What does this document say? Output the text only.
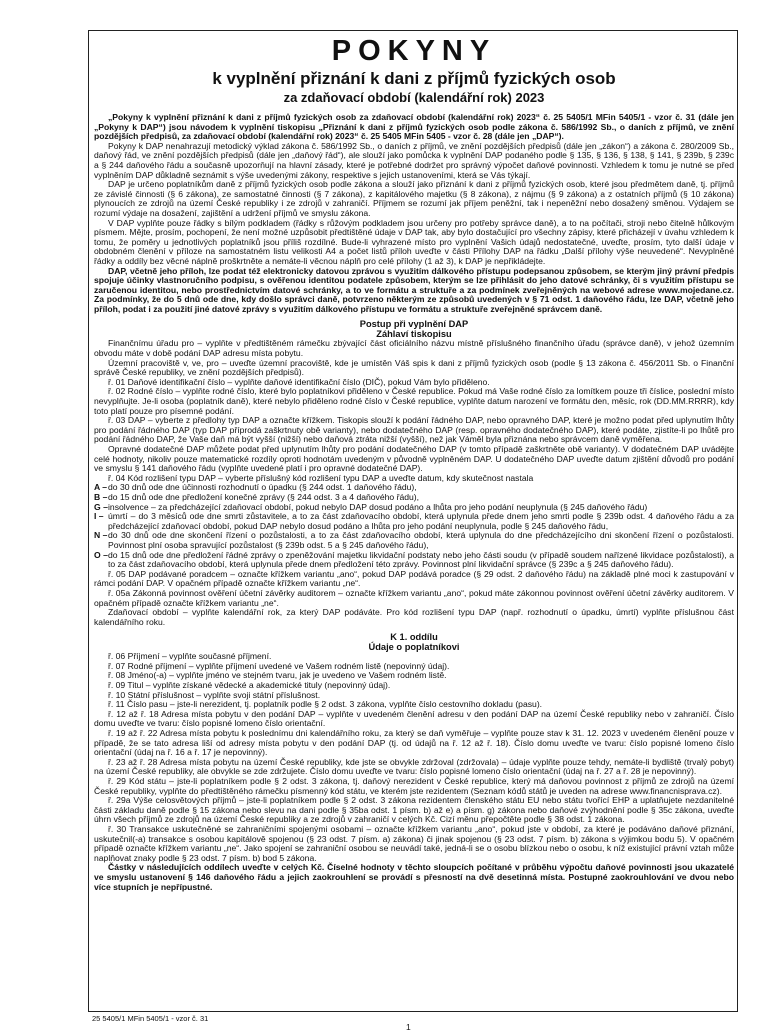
POKYNY
k vyplnění přiznání k dani z příjmů fyzických osob
za zdaňovací období (kalendářní rok) 2023

„Pokyny k vyplnění přiznání k dani z příjmů fyzických osob za zdaňovací období (kalendářní rok) 2023“ č. 25 5405/1 MFin 5405/1 - vzor č. 31 (dále jen „Pokyny k DAP“) jsou návodem k vyplnění tiskopisu „Přiznání k dani z příjmů fyzických osob podle zákona č. 586/1992 Sb., o daních z příjmů, ve znění pozdějších předpisů, za zdaňovací období (kalendářní rok) 2023“ č. 25 5405 MFin 5405 - vzor č. 28 (dále jen „DAP“).

Pokyny k DAP nenahrazují metodický výklad zákona č. 586/1992 Sb., o daních z příjmů, ve znění pozdějších předpisů (dále jen „zákon“) a zákona č. 280/2009 Sb., daňový řád, ve znění pozdějších předpisů (dále jen „daňový řád“), ale slouží jako pomůcka k vyplnění DAP podaného podle § 135, § 136, § 138, § 141, § 239b, § 239c a § 244 daňového řádu a současně upozorňují na hlavní zásady, které je potřebné dodržet pro správný výpočet daňové povinnosti. Vzhledem k tomu je nutné se před vyplněním DAP důkladně seznámit s výše uvedenými zákony, respektive s jejich ustanoveními, která se Vás týkají.

DAP je určeno poplatníkům daně z příjmů fyzických osob podle zákona a slouží jako přiznání k dani z příjmů fyzických osob, které jsou předmětem daně, tj. příjmů ze závislé činnosti (§ 6 zákona), ze samostatné činnosti (§ 7 zákona), z kapitálového majetku (§ 8 zákona), z nájmu (§ 9 zákona) a z ostatních příjmů (§ 10 zákona) plynoucích ze zdrojů na území České republiky i ze zdrojů v zahraničí. Příjmem se rozumí jak příjem peněžní, tak i nepeněžní nebo dosažený směnou. Výdajem se rozumí výdaje na dosažení, zajištění a udržení příjmů ve smyslu zákona.

V DAP vyplňte pouze řádky s bílým podkladem (řádky s růžovým podkladem jsou určeny pro potřeby správce daně), a to na počítači, stroji nebo čitelně hůlkovým písmem. Mějte, prosím, pochopení, že není možné uzpůsobit předtištěné údaje v DAP tak, aby bylo dostačující pro všechny zápisy, které přicházejí v úvahu vzhledem k tomu, že poměry u jednotlivých poplatníků jsou příliš rozdílné. Bude-li vyhrazené místo pro vyplnění Vašich údajů nedostatečné, uveďte, prosím, tyto další údaje v obdobném členění v příloze na samostatném listu velikosti A4 a počet listů příloh uveďte v části Přílohy DAP na řádku „Další přílohy výše neuvedené“. Nevyplněné řádky a oddíly bez věcné náplně proškrtněte a nemáte-li věcnou náplň pro celé přílohy (1 až 3), k DAP je nepřikládejte.

DAP, včetně jeho příloh, lze podat též elektronicky datovou zprávou s využitím dálkového přístupu podepsanou způsobem, se kterým jiný právní předpis spojuje účinky vlastnoručního podpisu, s ověřenou identitou podatele způsobem, kterým se lze přihlásit do jeho datové schránky, či s využitím přístupu se zaručenou identitou, nebo prostřednictvím datové schránky, a to ve formátu a struktuře a za podmínek zveřejněných na webové adrese www.mojedane.cz. Za podmínky, že do 5 dnů ode dne, kdy došlo správci daně, potvrzeno některým ze způsobů uvedených v § 71 odst. 1 daňového řádu, lze DAP, včetně jeho příloh, podat i za použití jiné datové zprávy s využitím dálkového přístupu ve formátu a struktuře zveřejněné správcem daně.

Postup při vyplnění DAP
Záhlaví tiskopisu

Finančnímu úřadu pro – vyplňte v předtištěném rámečku zbývající část oficiálního názvu místně příslušného finančního úřadu (správce daně), v jehož územním obvodu máte v době podání DAP adresu místa pobytu.

Územní pracoviště v, ve, pro – uveďte územní pracoviště, kde je umístěn Váš spis k dani z příjmů fyzických osob (podle § 13 zákona č. 456/2011 Sb. o Finanční správě České republiky, ve znění pozdějších předpisů).

ř. 01 Daňové identifikační číslo – vyplňte daňové identifikační číslo (DIČ), pokud Vám bylo přiděleno.

ř. 02 Rodné číslo – vyplňte rodné číslo, které bylo poplatníkovi přiděleno v České republice. Pokud má Vaše rodné číslo za lomítkem pouze tři číslice, poslední místo nevyplňujte. Je-li osoba (poplatník daně), které nebylo přiděleno rodné číslo v České republice, vyplňte datum narození ve formátu den, měsíc, rok (DD.MM.RRRR), kdy toto platí pouze pro písemné podání.

ř. 03 DAP – vyberte z předlohy typ DAP a označte křížkem. Tiskopis slouží k podání řádného DAP, nebo opravného DAP, které je možno podat před uplynutím lhůty pro podání řádného DAP (typ DAP příprodá zaškrtnuty obě varianty), nebo dodatečného DAP (resp. opravného dodatečného DAP), které podáte, zjistíte-li po lhůtě pro podání řádného DAP, že Vaše daň má být vyšší (nižší) nebo daňová ztráta nižší (vyšší), než jak Váměl byla přiznána nebo správcem daně vyměřena.

Opravné dodatečné DAP můžete podat před uplynutím lhůty pro podání dodatečného DAP (v tomto případě zaškrtněte obě varianty). V dodatečném DAP uvádějte celé hodnoty, nikoliv pouze matematické rozdíly oproti hodnotám uvedeným v původně vyplněném DAP. U dodatečného DAP uveďte datum zjištění důvodů pro podání ve smyslu § 141 daňového řádu (vyplňte uvedené platí i pro opravné dodatečné DAP).

ř. 04 Kód rozlišení typu DAP – vyberte příslušný kód rozlišení typu DAP a uveďte datum, kdy skutečnost nastala

A – do 30 dnů ode dne účinnosti rozhodnutí o úpadku (§ 244 odst. 1 daňového řádu),
B – do 15 dnů ode dne předložení konečné zprávy (§ 244 odst. 3 a 4 daňového řádu),
G – insolvence – za předcházející zdaňovací období, pokud nebylo DAP dosud podáno a lhůta pro jeho podání neuplynula (§ 245 daňového řádu)
I – úmrtí – do 3 měsíců ode dne smrti zůstavitele, a to za část zdaňovacího období, která uplynula přede dnem jeho smrti podle § 239b odst. 4 daňového řádu a za předcházející zdaňovací období, pokud DAP nebylo dosud podáno a lhůta pro jeho podání neuplynula, podle § 245 daňového řádu,
N – do 30 dnů ode dne skončení řízení o pozůstalosti, a to za část zdaňovacího období, která uplynula do dne předcházejícího dni skončení řízení o pozůstalosti. Povinnost plní osoba spravující pozůstalost (§ 239b odst. 5 a § 245 daňového řádu),
O – do 15 dnů ode dne předložení řádné zprávy o zpeněžování majetku likvidační podstaty nebo jeho části soudu (v případě soudem nařízené likvidace pozůstalosti), a to za část zdaňovacího období, která uplynula přede dnem předložení této zprávy. Povinnost plní likvidační správce (§ 239c a § 245 daňového řádu).

ř. 05 DAP podávané poradcem – označte křížkem variantu „ano“, pokud DAP podává poradce (§ 29 odst. 2 daňového řádu) na základě plné moci k zastupování v rámci podání DAP. V opačném případě označte křížkem variantu „ne“.

ř. 05a Zákonná povinnost ověření účetní závěrky auditorem – označte křížkem variantu „ano“, pokud máte zákonnou povinnost ověření účetní závěrky auditorem. V opačném případě označte křížkem variantu „ne“.

Zdaňovací období – vyplňte kalendářní rok, za který DAP podáváte. Pro kód rozlišení typu DAP (např. rozhodnutí o úpadku, úmrtí) vyplňte příslušnou část kalendářního roku.

K 1. oddílu
Údaje o poplatníkovi

ř. 06 Příjmení – vyplňte současné příjmení.

ř. 07 Rodné příjmení – vyplňte příjmení uvedené ve Vašem rodném listě (nepovinný údaj).

ř. 08 Jméno(-a) – vyplňte jméno ve stejném tvaru, jak je uvedeno ve Vašem rodném listě.

ř. 09 Titul – vyplňte získané vědecké a akademické tituly (nepovinný údaj).

ř. 10 Státní příslušnost – vyplňte svoji státní příslušnost.

ř. 11 Číslo pasu – jste-li nerezident, tj. poplatník podle § 2 odst. 3 zákona, vyplňte číslo cestovního dokladu (pasu).

ř. 12 až ř. 18 Adresa místa pobytu v den podání DAP – vyplňte v uvedeném členění adresu v den podání DAP na území České republiky nebo v zahraničí. Číslo domu uveďte ve tvaru: číslo popisné lomeno číslo orientační.

ř. 19 až ř. 22 Adresa místa pobytu k poslednímu dni kalendářního roku, za který se daň vyměřuje – vyplňte pouze stav k 31. 12. 2023 v uvedeném členění pouze v případě, že se tato adresa liší od adresy místa pobytu v den podání DAP (tj. od údajů na ř. 12 až ř. 18). Číslo domu uveďte ve tvaru: číslo popisné lomeno číslo orientační (údaj na ř. 16 a ř. 17 je nepovinný).

ř. 23 až ř. 28 Adresa místa pobytu na území České republiky, kde jste se obvykle zdržoval (zdržovala) – údaje vyplňte pouze tehdy, nemáte-li bydliště (trvalý pobyt) na území České republiky, ale obvykle se zde zdržujete. Číslo domu uveďte ve tvaru: číslo popisné lomeno číslo orientační (údaj na ř. 27 a ř. 28 je nepovinný).

ř. 29 Kód státu – jste-li poplatníkem podle § 2 odst. 3 zákona, tj. daňový nerezident v České republice, který má daňovou povinnost z příjmů ze zdrojů na území České republiky, vyplňte do předtištěného rámečku písmenný kód státu, ve kterém jste rezidentem (Seznam kódů států je uveden na adrese www.financnisprava.cz).

ř. 29a Výše celosvětových příjmů – jste-li poplatníkem podle § 2 odst. 3 zákona rezidentem členského státu EU nebo státu tvořící EHP a uplatňujete nezdanitelné části základu daně podle § 15 zákona nebo slevu na dani podle § 35ba odst. 1 písm. b) až e) a písm. g) zákona nebo daňové zvýhodnění podle § 35c zákona, uveďte úhrn všech příjmů ze zdrojů na území České republiky a ze zdrojů v zahraničí v celých Kč. Cizí měnu přepočtěte podle § 38 odst. 1 zákona.

ř. 30 Transakce uskutečněné se zahraničními spojenými osobami – označte křížkem variantu „ano“, pokud jste v období, za které je podáváno daňové přiznání, uskutečnil(-a) transakce s osobou kapitálově spojenou (§ 23 odst. 7 písm. a) zákona) či jinak spojenou (§ 23 odst. 7 písm. b) zákona s výjimkou bodu 5). V opačném případě označte křížkem variantu „ne“. Jako spojení se zahraniční osobou se neuvádí také, jedná-li se o osobu blízkou nebo o osobu, k níž existující právní vztah může naplňovat znaky podle § 23 odst. 7 písm. b) bod 5 zákona.

Částky v následujících oddílech uveďte v celých Kč. Číselné hodnoty v těchto sloupcích počítané v průběhu výpočtu daňové povinnosti jsou ukazatelé ve smyslu ustanovení § 146 daňového řádu a jejich zaokrouhlení se provádí s přesností na dvě desetinná místa. Postupné zaokrouhlování ve dvou nebo více stupních je nepřípustné.

25 5405/1 MFin 5405/1 - vzor č. 31
1
